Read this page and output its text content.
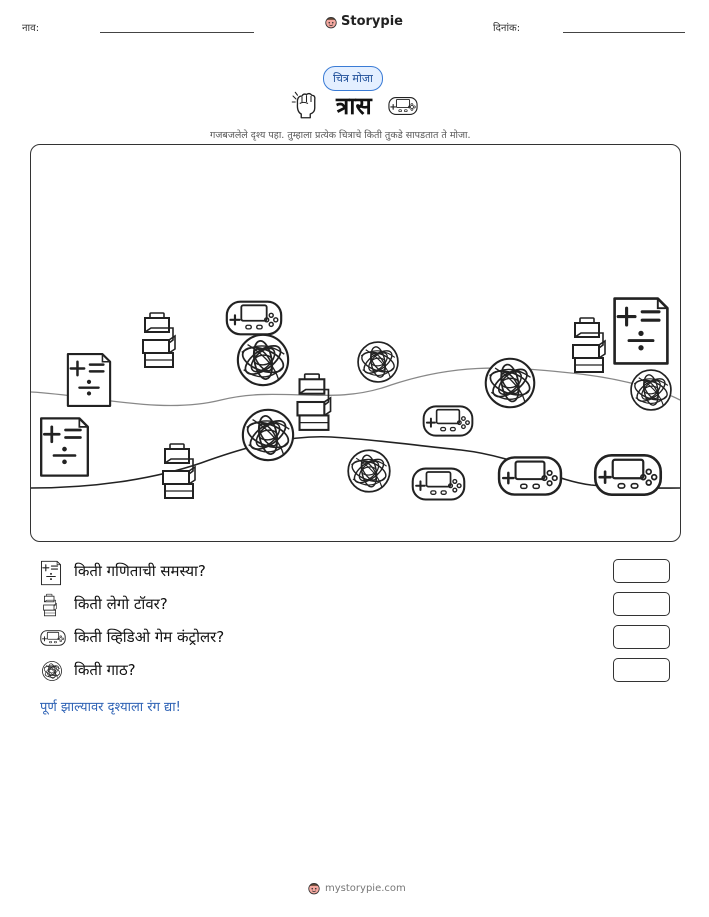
नाव:	Storypie	दिनांक:
चित्र मोजा
त्रास
गजबजलेले दृश्य पहा. तुम्हाला प्रत्येक चित्राचे किती तुकडे सापडतात ते मोजा.
किती गणिताची समस्या?
किती लेगो टॉवर?
किती व्हिडिओ गेम कंट्रोलर?
किती गाठ?
पूर्ण झाल्यावर दृश्याला रंग द्या!
mystorypie.com
